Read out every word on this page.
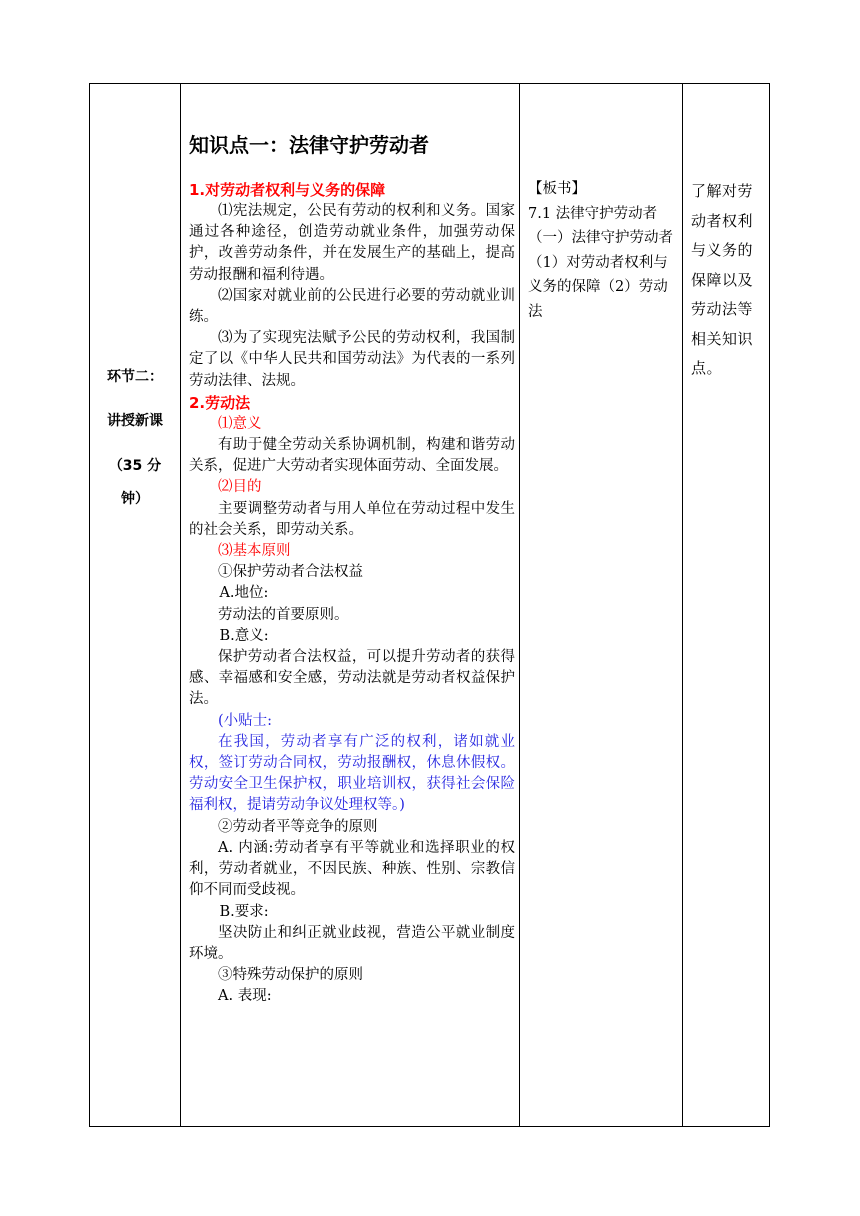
环节二：
讲授新课
（35 分
钟）
知识点一：法律守护劳动者
1.对劳动者权利与义务的保障

⑴宪法规定，公民有劳动的权利和义务。国家通过各种途径，创造劳动就业条件，加强劳动保护，改善劳动条件，并在发展生产的基础上，提高劳动报酬和福利待遇。

⑵国家对就业前的公民进行必要的劳动就业训练。

⑶为了实现宪法赋予公民的劳动权利，我国制定了以《中华人民共和国劳动法》为代表的一系列劳动法律、法规。

2.劳动法

⑴意义

有助于健全劳动关系协调机制，构建和谐劳动关系，促进广大劳动者实现体面劳动、全面发展。

⑵目的

主要调整劳动者与用人单位在劳动过程中发生的社会关系，即劳动关系。

⑶基本原则

①保护劳动者合法权益

A.地位:

劳动法的首要原则。

B.意义:

保护劳动者合法权益，可以提升劳动者的获得感、幸福感和安全感，劳动法就是劳动者权益保护法。

(小贴士:

在我国，劳动者享有广泛的权利，诸如就业权，签订劳动合同权，劳动报酬权，休息休假权。劳动安全卫生保护权，职业培训权，获得社会保险福利权，提请劳动争议处理权等。)

②劳动者平等竞争的原则

A. 内涵:劳动者享有平等就业和选择职业的权利，劳动者就业，不因民族、种族、性别、宗教信仰不同而受歧视。

B.要求:

坚决防止和纠正就业歧视，营造公平就业制度环境。

③特殊劳动保护的原则

A. 表现:

【板书】

7.1 法律守护劳动者（一）法律守护劳动者

（1）对劳动者权利与义务的保障（2）劳动法

了解对劳动者权利与义务的保障以及劳动法等相关知识点。
